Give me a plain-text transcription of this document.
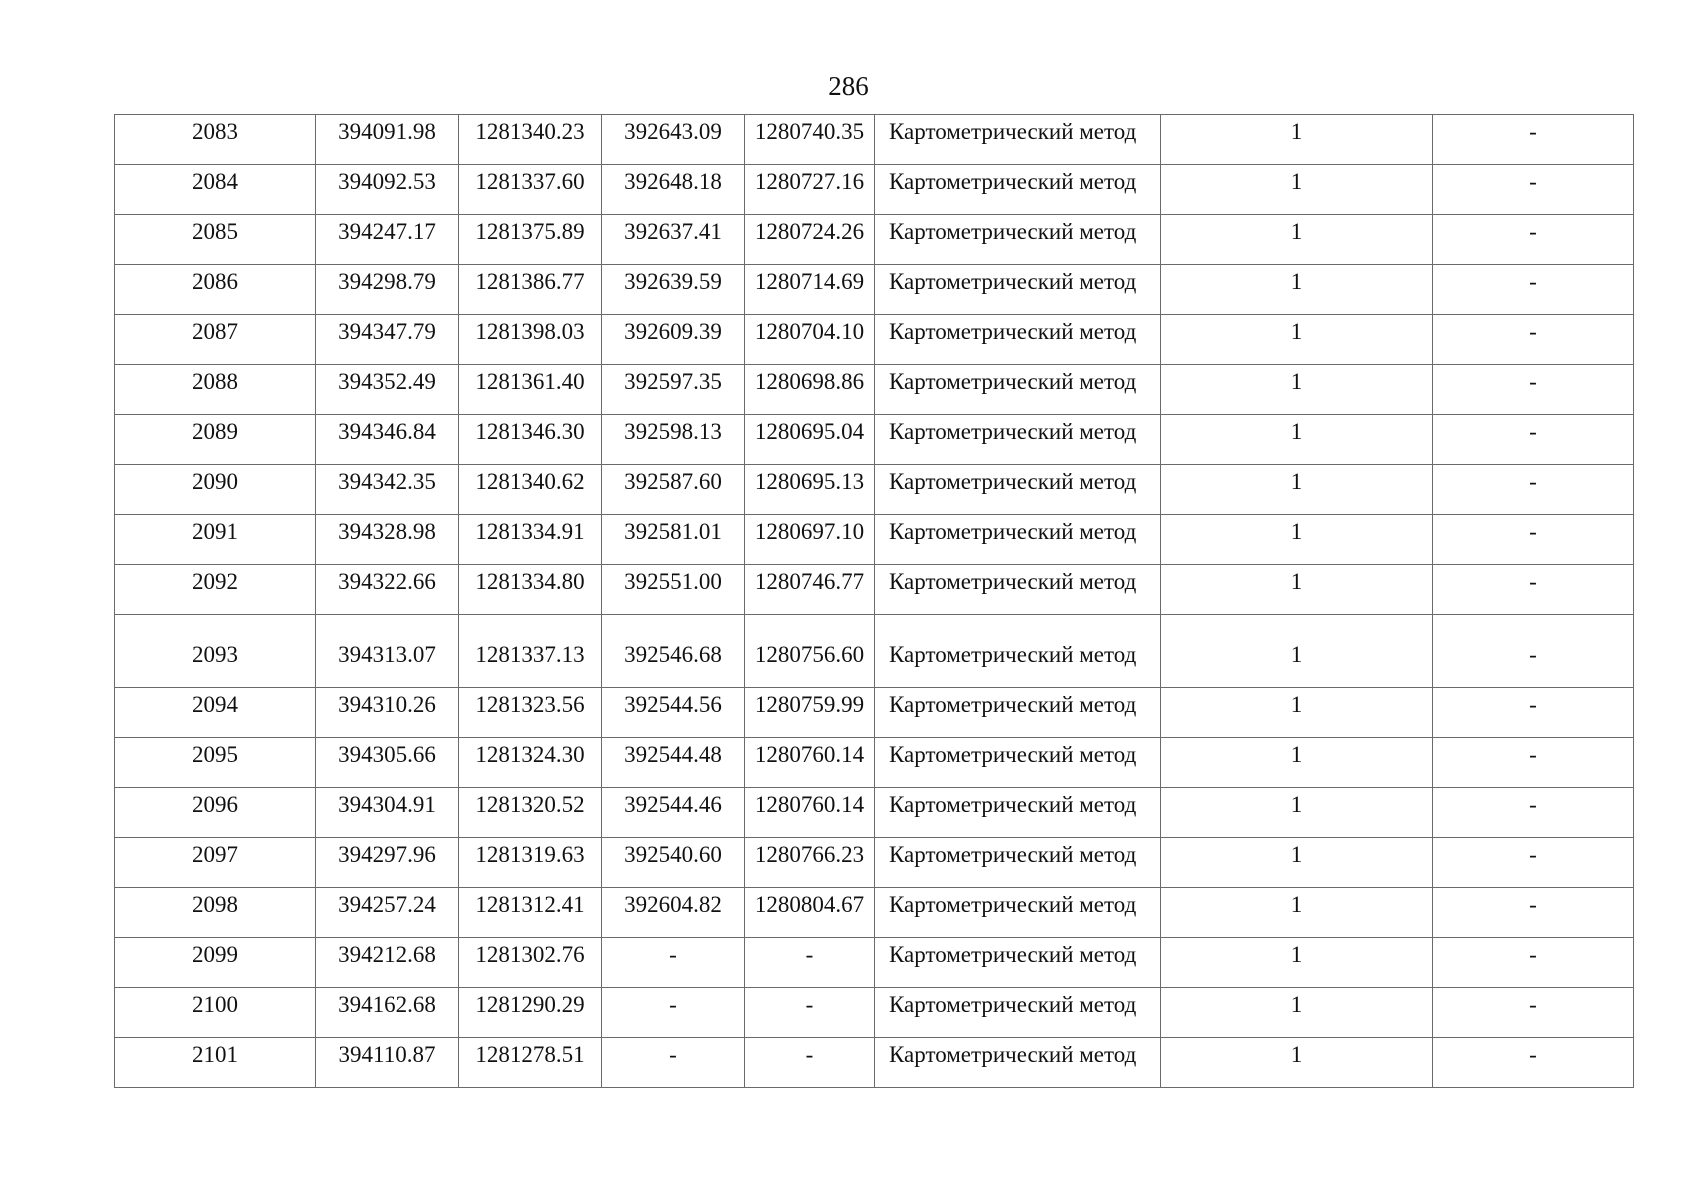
286
2083	394091.98	1281340.23	392643.09	1280740.35	Картометрический метод	1	-
2084	394092.53	1281337.60	392648.18	1280727.16	Картометрический метод	1	-
2085	394247.17	1281375.89	392637.41	1280724.26	Картометрический метод	1	-
2086	394298.79	1281386.77	392639.59	1280714.69	Картометрический метод	1	-
2087	394347.79	1281398.03	392609.39	1280704.10	Картометрический метод	1	-
2088	394352.49	1281361.40	392597.35	1280698.86	Картометрический метод	1	-
2089	394346.84	1281346.30	392598.13	1280695.04	Картометрический метод	1	-
2090	394342.35	1281340.62	392587.60	1280695.13	Картометрический метод	1	-
2091	394328.98	1281334.91	392581.01	1280697.10	Картометрический метод	1	-
2092	394322.66	1281334.80	392551.00	1280746.77	Картометрический метод	1	-
2093	394313.07	1281337.13	392546.68	1280756.60	Картометрический метод	1	-
2094	394310.26	1281323.56	392544.56	1280759.99	Картометрический метод	1	-
2095	394305.66	1281324.30	392544.48	1280760.14	Картометрический метод	1	-
2096	394304.91	1281320.52	392544.46	1280760.14	Картометрический метод	1	-
2097	394297.96	1281319.63	392540.60	1280766.23	Картометрический метод	1	-
2098	394257.24	1281312.41	392604.82	1280804.67	Картометрический метод	1	-
2099	394212.68	1281302.76	-	-	Картометрический метод	1	-
2100	394162.68	1281290.29	-	-	Картометрический метод	1	-
2101	394110.87	1281278.51	-	-	Картометрический метод	1	-
